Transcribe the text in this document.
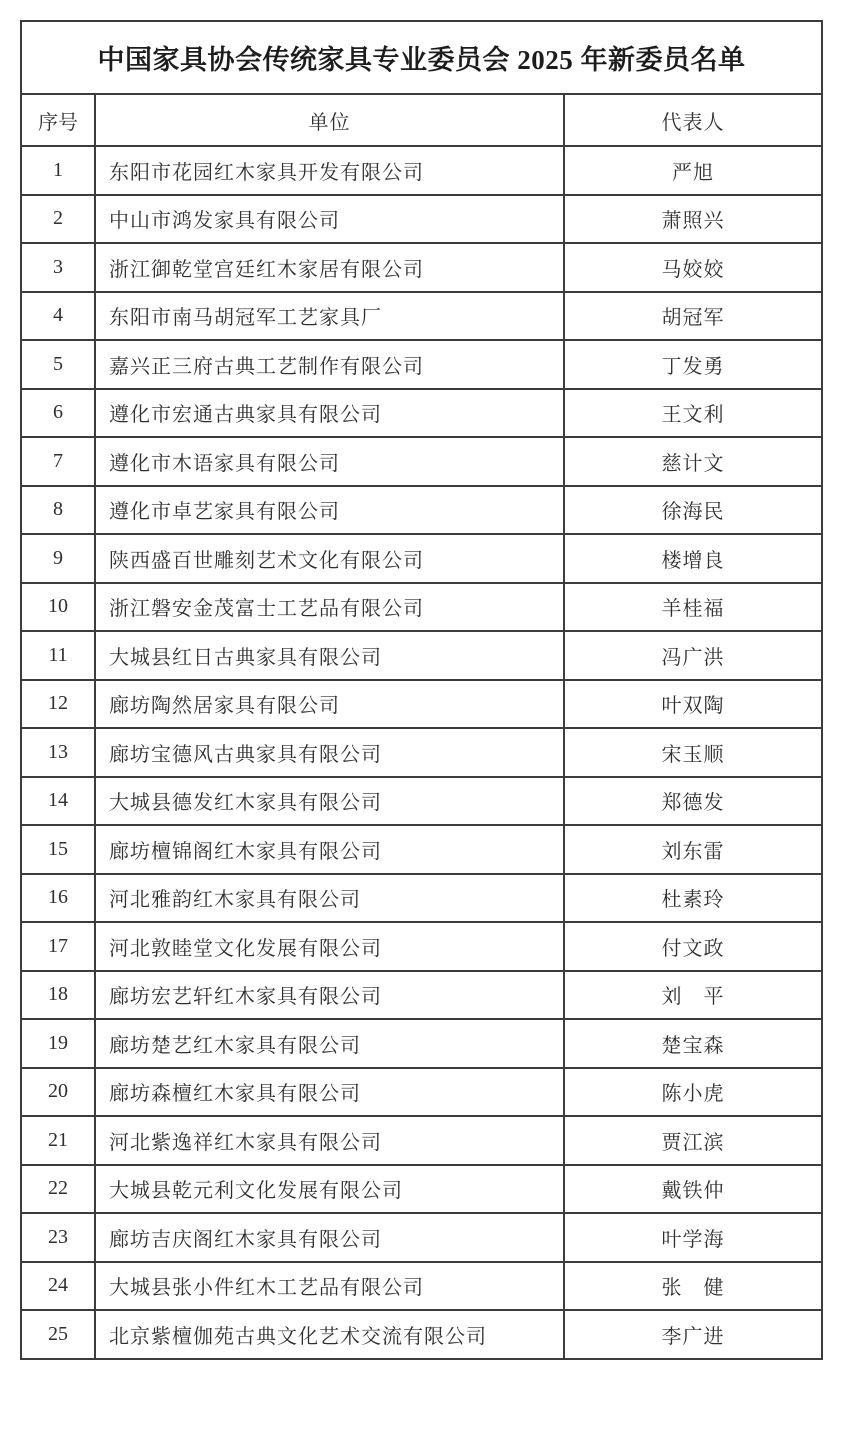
中国家具协会传统家具专业委员会 2025 年新委员名单
序号	单位	代表人
1	东阳市花园红木家具开发有限公司	严旭
2	中山市鸿发家具有限公司	萧照兴
3	浙江御乾堂宫廷红木家居有限公司	马姣姣
4	东阳市南马胡冠军工艺家具厂	胡冠军
5	嘉兴正三府古典工艺制作有限公司	丁发勇
6	遵化市宏通古典家具有限公司	王文利
7	遵化市木语家具有限公司	慈计文
8	遵化市卓艺家具有限公司	徐海民
9	陕西盛百世雕刻艺术文化有限公司	楼增良
10	浙江磐安金茂富士工艺品有限公司	羊桂福
11	大城县红日古典家具有限公司	冯广洪
12	廊坊陶然居家具有限公司	叶双陶
13	廊坊宝德风古典家具有限公司	宋玉顺
14	大城县德发红木家具有限公司	郑德发
15	廊坊檀锦阁红木家具有限公司	刘东雷
16	河北雅韵红木家具有限公司	杜素玲
17	河北敦睦堂文化发展有限公司	付文政
18	廊坊宏艺轩红木家具有限公司	刘　平
19	廊坊楚艺红木家具有限公司	楚宝森
20	廊坊森檀红木家具有限公司	陈小虎
21	河北紫逸祥红木家具有限公司	贾江滨
22	大城县乾元利文化发展有限公司	戴铁仲
23	廊坊吉庆阁红木家具有限公司	叶学海
24	大城县张小件红木工艺品有限公司	张　健
25	北京紫檀伽苑古典文化艺术交流有限公司	李广进
